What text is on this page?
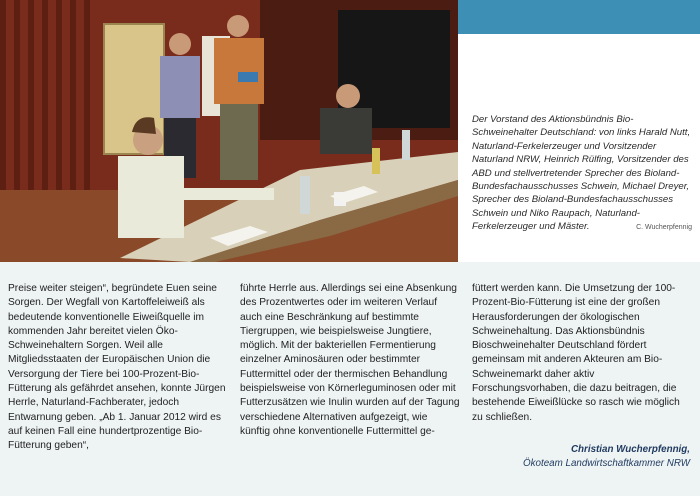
Der Vorstand des Aktionsbündnis Bio-Schweinehalter Deutschland: von links Harald Nutt, Naturland-Ferkelerzeuger und Vorsitzender Naturland NRW, Heinrich Rülfing, Vorsitzender des ABD und stellvertretender Sprecher des Bioland-Bundesfachausschusses Schwein, Michael Dreyer, Sprecher des Bioland-Bundesfachausschusses Schwein und Niko Raupach, Naturland-Ferkelerzeuger und Mäster.	C. Wucherpfennig

Preise weiter steigen“, begründete Euen seine Sorgen. Der Wegfall von Kartoffeleiweiß als bedeutende konventionelle Eiweißquelle im kommenden Jahr bereitet vielen Öko-Schweinehaltern Sorgen. Weil alle Mitgliedsstaaten der Europäischen Union die Versorgung der Tiere bei 100-Prozent-Bio-Fütterung als gefährdet ansehen, konnte Jürgen Herrle, Naturland-Fachberater, jedoch Entwarnung geben. „Ab 1. Januar 2012 wird es auf keinen Fall eine hundertprozentige Bio-Fütterung geben“,

führte Herrle aus. Allerdings sei eine Absenkung des Prozentwertes oder im weiteren Verlauf auch eine Beschränkung auf bestimmte Tiergruppen, wie beispielsweise Jungtiere, möglich. Mit der bakteriellen Fermentierung einzelner Aminosäuren oder bestimmter Futtermittel oder der thermischen Behandlung beispielsweise von Körnerleguminosen oder mit Futterzusätzen wie Inulin wurden auf der Tagung verschiedene Alternativen aufgezeigt, wie künftig ohne konventionelle Futtermittel ge-

füttert werden kann. Die Umsetzung der 100-Prozent-Bio-Fütterung ist eine der großen Herausforderungen der ökologischen Schweinehaltung. Das Aktionsbündnis Bioschweinehalter Deutschland fördert gemeinsam mit anderen Akteuren am Bio-Schweinemarkt daher aktiv Forschungsvorhaben, die dazu beitragen, die bestehende Eiweißlücke so rasch wie möglich zu schließen.

Christian Wucherpfennig,
Ökoteam Landwirtschaftkammer NRW
